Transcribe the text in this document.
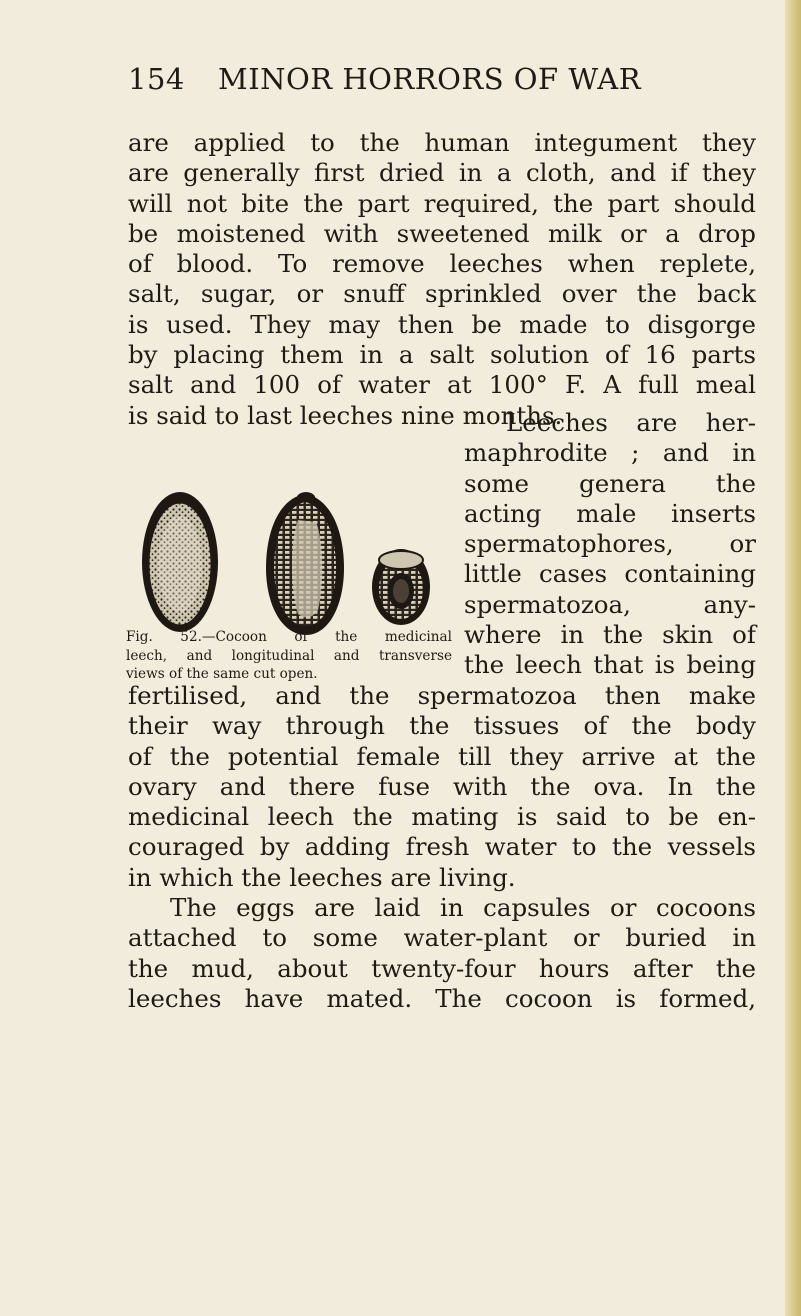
154 MINOR HORRORS OF WAR
are applied to the human integument they
are generally first dried in a cloth, and if they
will not bite the part required, the part should
be moistened with sweetened milk or a drop
of blood. To remove leeches when replete,
salt, sugar, or snuff sprinkled over the back
is used. They may then be made to disgorge
by placing them in a salt solution of 16 parts
salt and 100 of water at 100° F. A full meal
is said to last leeches nine months.
Leeches are her-
maphrodite ; and in
some genera the
acting male inserts
spermatophores, or
little cases containing
spermatozoa, any-
where in the skin of
the leech that is being
Fig. 52.—Cocoon of the medicinal
leech, and longitudinal and transverse
views of the same cut open.
fertilised, and the spermatozoa then make
their way through the tissues of the body
of the potential female till they arrive at the
ovary and there fuse with the ova. In the
medicinal leech the mating is said to be en-
couraged by adding fresh water to the vessels
in which the leeches are living.
The eggs are laid in capsules or cocoons
attached to some water-plant or buried in
the mud, about twenty-four hours after the
leeches have mated. The cocoon is formed,
